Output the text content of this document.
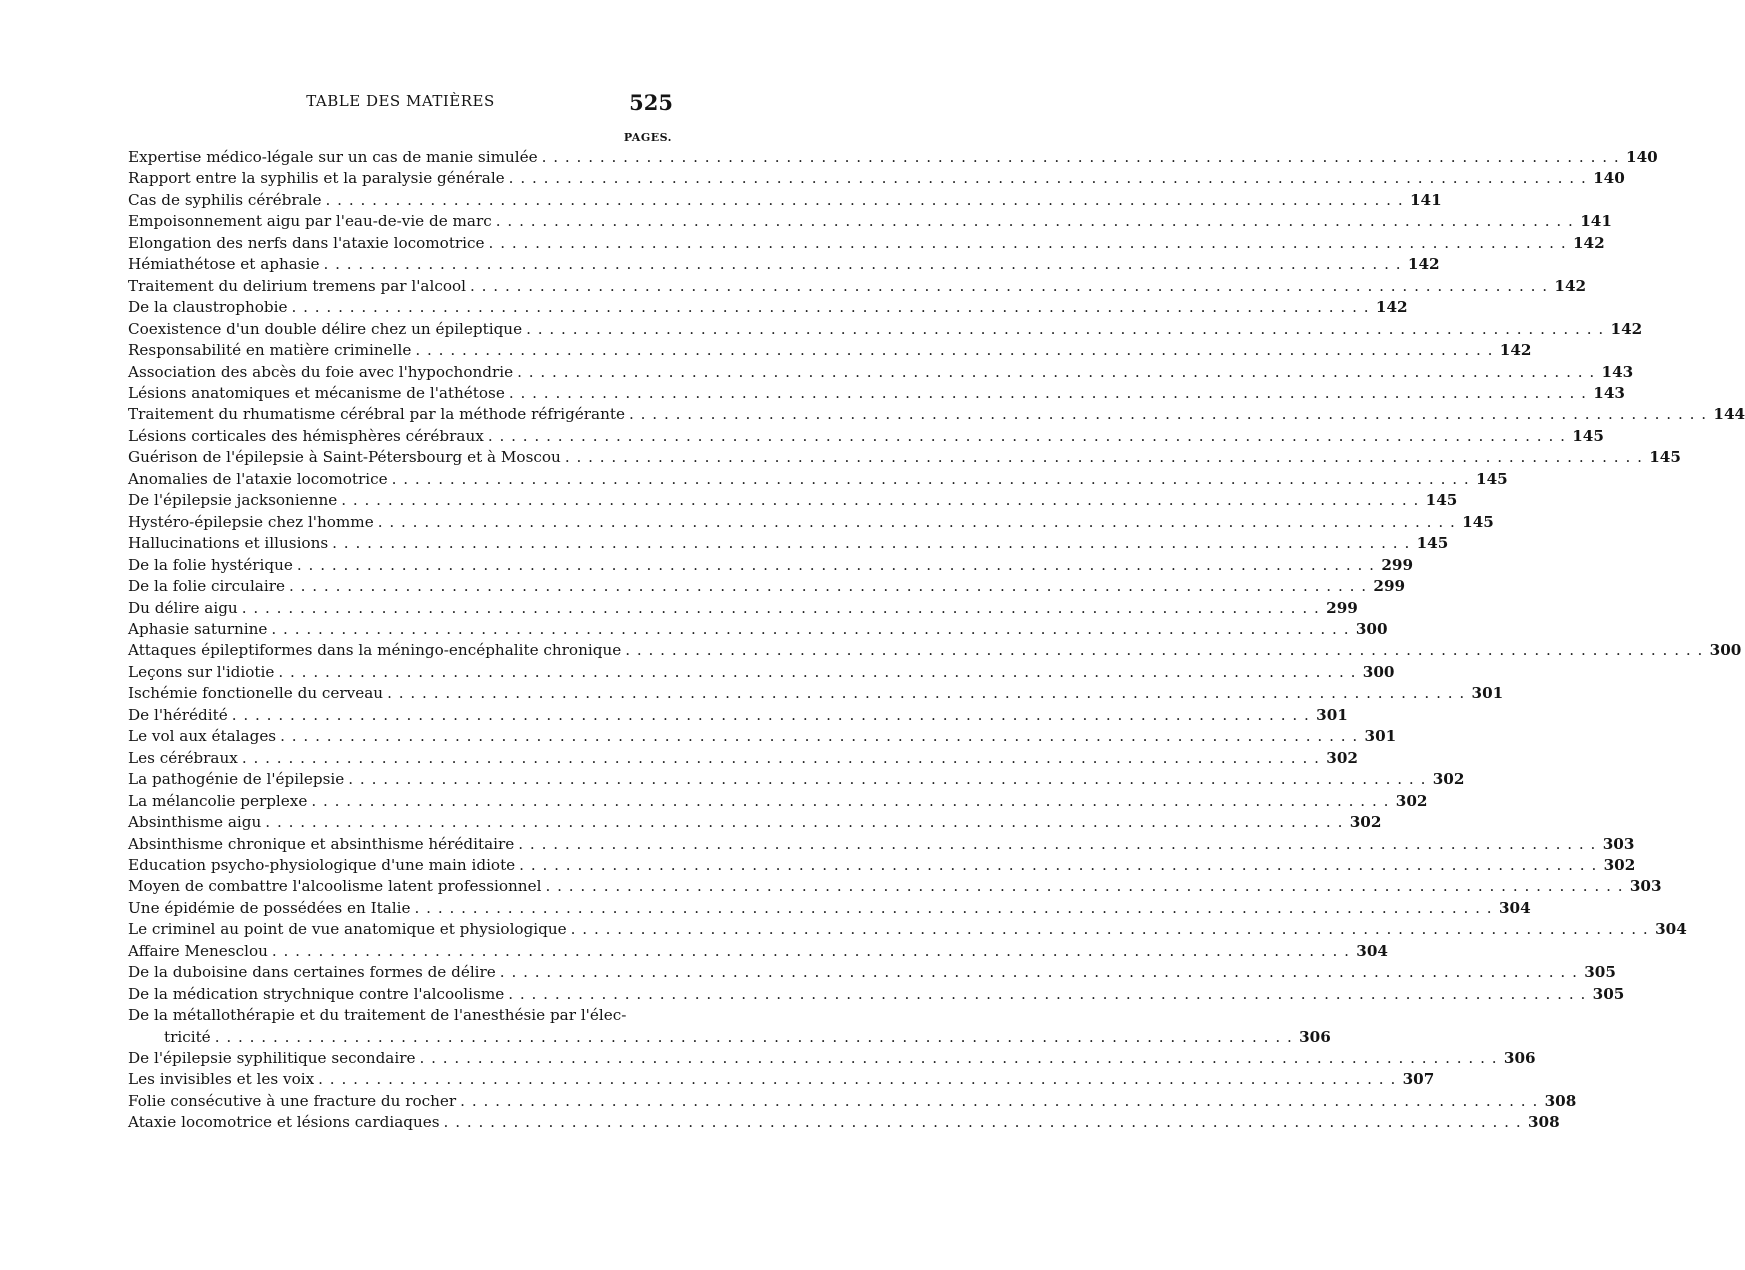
TABLE DES MATIÈRES	525
PAGES.
Expertise médico-légale sur un cas de manie simulée . . .	140
Rapport entre la syphilis et la paralysie générale . . .	140
Cas de syphilis cérébrale . . .	141
Empoisonnement aigu par l'eau-de-vie de marc . . .	141
Elongation des nerfs dans l'ataxie locomotrice . . .	142
Hémiathétose et aphasie . . .	142
Traitement du delirium tremens par l'alcool . . .	142
De la claustrophobie . . .	142
Coexistence d'un double délire chez un épileptique . . .	142
Responsabilité en matière criminelle . . .	142
Association des abcès du foie avec l'hypochondrie . . .	143
Lésions anatomiques et mécanisme de l'athétose . . .	143
Traitement du rhumatisme cérébral par la méthode réfrigérante . . .	144
Lésions corticales des hémisphères cérébraux . . .	145
Guérison de l'épilepsie à Saint-Pétersbourg et à Moscou . . .	145
Anomalies de l'ataxie locomotrice . . .	145
De l'épilepsie jacksonienne . . .	145
Hystéro-épilepsie chez l'homme . . .	145
Hallucinations et illusions . . .	145
De la folie hystérique . . .	299
De la folie circulaire . . .	299
Du délire aigu . . .	299
Aphasie saturnine . . .	300
Attaques épileptiformes dans la méningo-encéphalite chronique . . .	300
Leçons sur l'idiotie . . .	300
Ischémie fonctionelle du cerveau . . .	301
De l'hérédité . . .	301
Le vol aux étalages . . .	301
Les cérébraux . . .	302
La pathogénie de l'épilepsie . . .	302
La mélancolie perplexe . . .	302
Absinthisme aigu . . .	302
Absinthisme chronique et absinthisme héréditaire . . .	303
Education psycho-physiologique d'une main idiote . . .	302
Moyen de combattre l'alcoolisme latent professionnel . . .	303
Une épidémie de possédées en Italie . . .	304
Le criminel au point de vue anatomique et physiologique . . .	304
Affaire Menesclou . . .	304
De la duboisine dans certaines formes de délire . . .	305
De la médication strychnique contre l'alcoolisme . . .	305
De la métallothérapie et du traitement de l'anesthésie par l'élec-
tricité . . .	306
De l'épilepsie syphilitique secondaire . . .	306
Les invisibles et les voix . . .	307
Folie consécutive à une fracture du rocher . . .	308
Ataxie locomotrice et lésions cardiaques . . .	308
